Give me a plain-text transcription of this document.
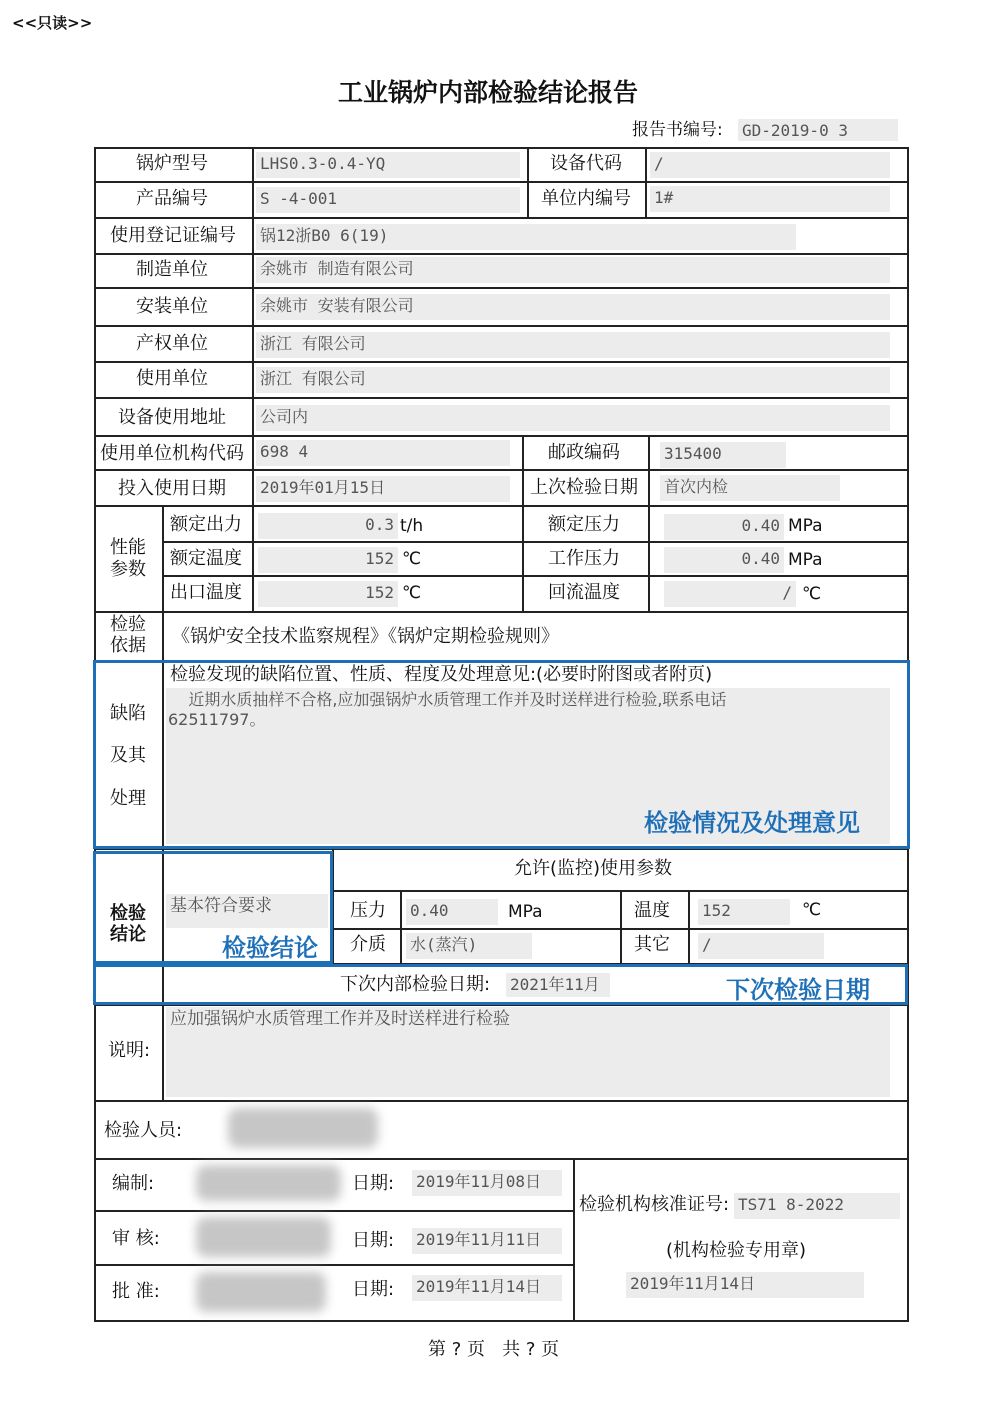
<<只读>>
工业锅炉内部检验结论报告
报告书编号: GD-2019-0 3
锅炉型号	LHS0.3-0.4-YQ	设备代码 /
产品编号	S -4-001	单位内编号 1#
使用登记证编号 锅12浙B0 6(19)
制造单位	余姚市 制造有限公司
安装单位	余姚市 安装有限公司
产权单位	浙江 有限公司
使用单位	浙江 有限公司
设备使用地址 公司内
使用单位机构代码 698 4	邮政编码	315400
投入使用日期 2019年01月15日	上次检验日期 首次内检
性能参数
额定出力	0.3 t/h	额定压力	0.40 MPa
额定温度	152 ℃	工作压力	0.40 MPa
出口温度	152 ℃	回流温度	/ ℃
检验依据 《锅炉安全技术监察规程》《锅炉定期检验规则》
缺陷
及其
处理
检验发现的缺陷位置、性质、程度及处理意见:(必要时附图或者附页)
近期水质抽样不合格,应加强锅炉水质管理工作并及时送样进行检验,联系电话
62511797。
检验情况及处理意见
检验结论
基本符合要求
检验结论
允许(监控)使用参数
压力 0.40	MPa	温度 152	℃
介质 水(蒸汽)	其它 /
下次内部检验日期: 2021年11月	下次检验日期
说明:
应加强锅炉水质管理工作并及时送样进行检验
检验人员:
编制:	日期: 2019年11月08日
审 核:	日期: 2019年11月11日
批 准:	日期: 2019年11月14日
检验机构核准证号: TS71 8-2022
(机构检验专用章)
2019年11月14日
第 ? 页   共 ? 页
